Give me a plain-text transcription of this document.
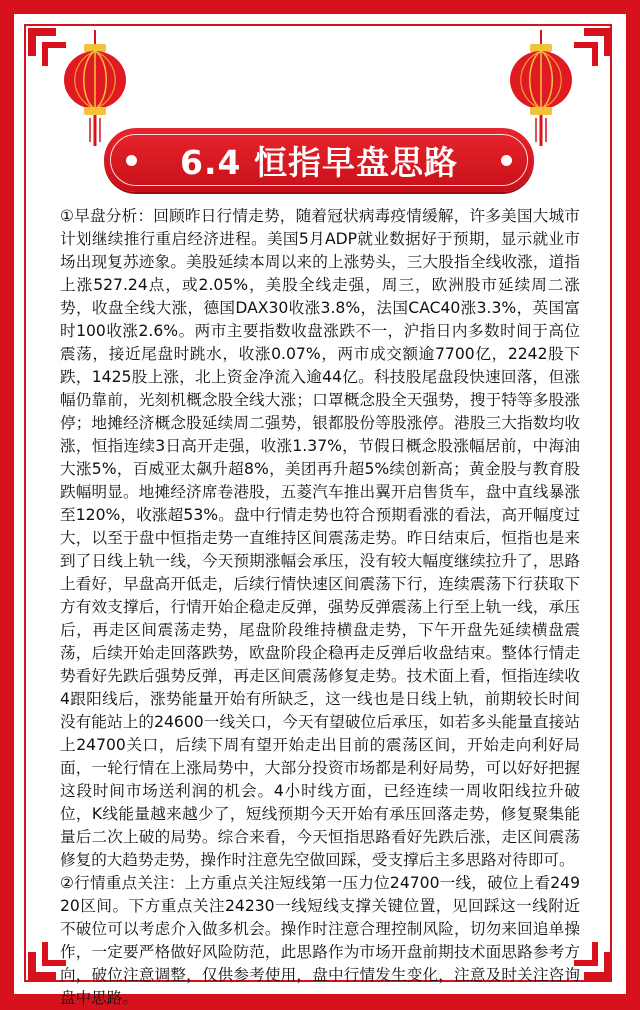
6.4 恒指早盘思路

①早盘分析：回顾昨日行情走势，随着冠状病毒疫情缓解，许多美国大城市计划继续推行重启经济进程。美国5月ADP就业数据好于预期，显示就业市场出现复苏迹象。美股延续本周以来的上涨势头，三大股指全线收涨，道指上涨527.24点，或2.05%，美股全线走强，周三，欧洲股市延续周二涨势，收盘全线大涨，德国DAX30收涨3.8%，法国CAC40涨3.3%，英国富时100收涨2.6%。两市主要指数收盘涨跌不一，沪指日内多数时间于高位震荡，接近尾盘时跳水，收涨0.07%，两市成交额逾7700亿，2242股下跌，1425股上涨，北上资金净流入逾44亿。科技股尾盘段快速回落，但涨幅仍靠前，光刻机概念股全线大涨；口罩概念股全天强势，搜于特等多股涨停；地摊经济概念股延续周二强势，银都股份等股涨停。港股三大指数均收涨，恒指连续3日高开走强，收涨1.37%，节假日概念股涨幅居前，中海油大涨5%，百威亚太飙升超8%，美团再升超5%续创新高；黄金股与教育股跌幅明显。地摊经济席卷港股，五菱汽车推出翼开启售货车，盘中直线暴涨至120%，收涨超53%。盘中行情走势也符合预期看涨的看法，高开幅度过大，以至于盘中恒指走势一直维持区间震荡走势。昨日结束后，恒指也是来到了日线上轨一线，今天预期涨幅会承压，没有较大幅度继续拉升了，思路上看好，早盘高开低走，后续行情快速区间震荡下行，连续震荡下行获取下方有效支撑后，行情开始企稳走反弹，强势反弹震荡上行至上轨一线，承压后，再走区间震荡走势，尾盘阶段维持横盘走势，下午开盘先延续横盘震荡，后续开始走回落跌势，欧盘阶段企稳再走反弹后收盘结束。整体行情走势看好先跌后强势反弹，再走区间震荡修复走势。技术面上看，恒指连续收4跟阳线后，涨势能量开始有所缺乏，这一线也是日线上轨，前期较长时间没有能站上的24600一线关口，今天有望破位后承压，如若多头能量直接站上24700关口，后续下周有望开始走出目前的震荡区间，开始走向利好局面，一轮行情在上涨局势中，大部分投资市场都是利好局势，可以好好把握这段时间市场送利润的机会。4小时线方面，已经连续一周收阳线拉升破位，K线能量越来越少了，短线预期今天开始有承压回落走势，修复聚集能量后二次上破的局势。综合来看，今天恒指思路看好先跌后涨，走区间震荡修复的大趋势走势，操作时注意先空做回踩，受支撑后主多思路对待即可。

②行情重点关注：上方重点关注短线第一压力位24700一线，破位上看24920区间。下方重点关注24230一线短线支撑关键位置，见回踩这一线附近不破位可以考虑介入做多机会。操作时注意合理控制风险，切勿来回追单操作，一定要严格做好风险防范，此思路作为市场开盘前期技术面思路参考方向，破位注意调整，仅供参考使用，盘中行情发生变化，注意及时关注咨询盘中思路。
